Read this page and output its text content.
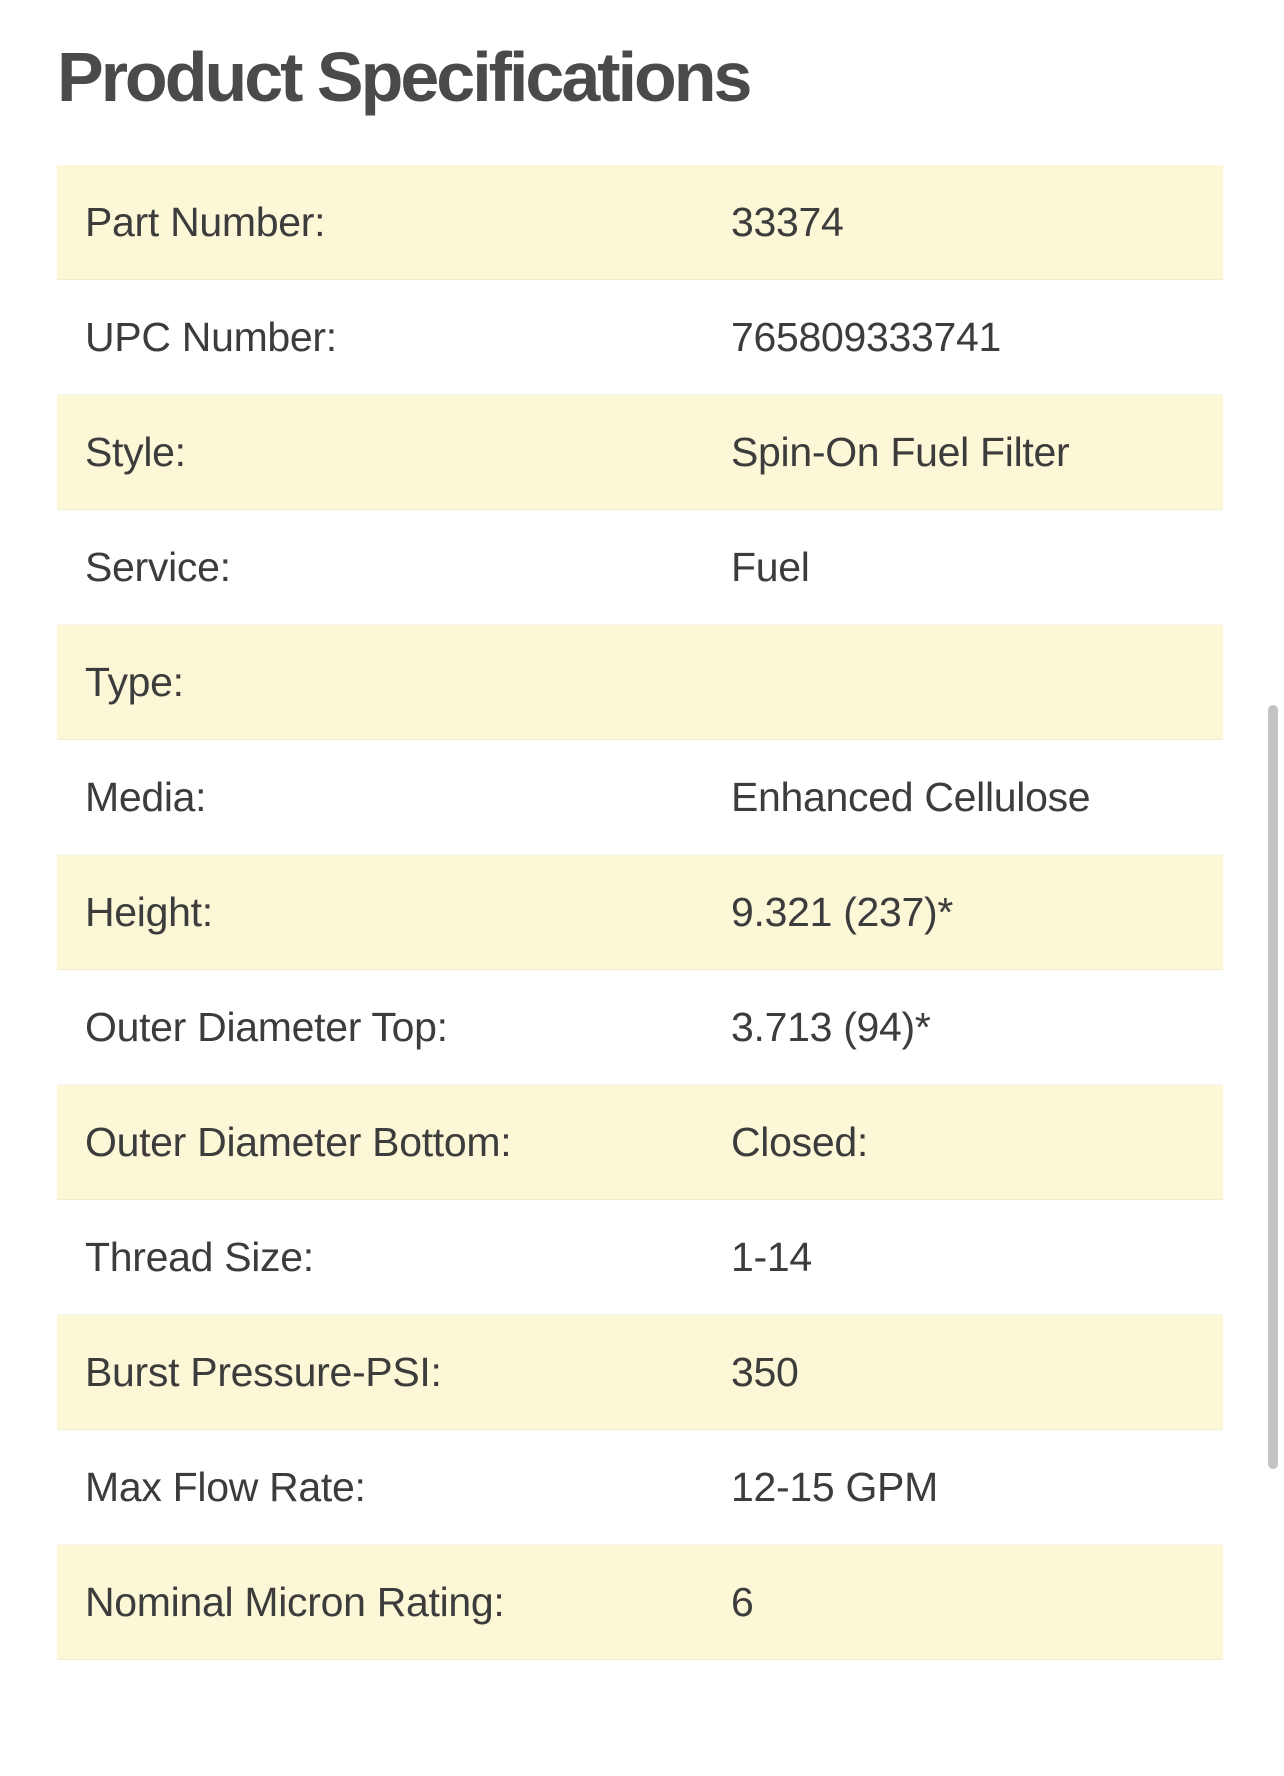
Product Specifications
Part Number:	33374
UPC Number:	765809333741
Style:	Spin-On Fuel Filter
Service:	Fuel
Type:
Media:	Enhanced Cellulose
Height:	9.321 (237)*
Outer Diameter Top:	3.713 (94)*
Outer Diameter Bottom:	Closed:
Thread Size:	1-14
Burst Pressure-PSI:	350
Max Flow Rate:	12-15 GPM
Nominal Micron Rating:	6
